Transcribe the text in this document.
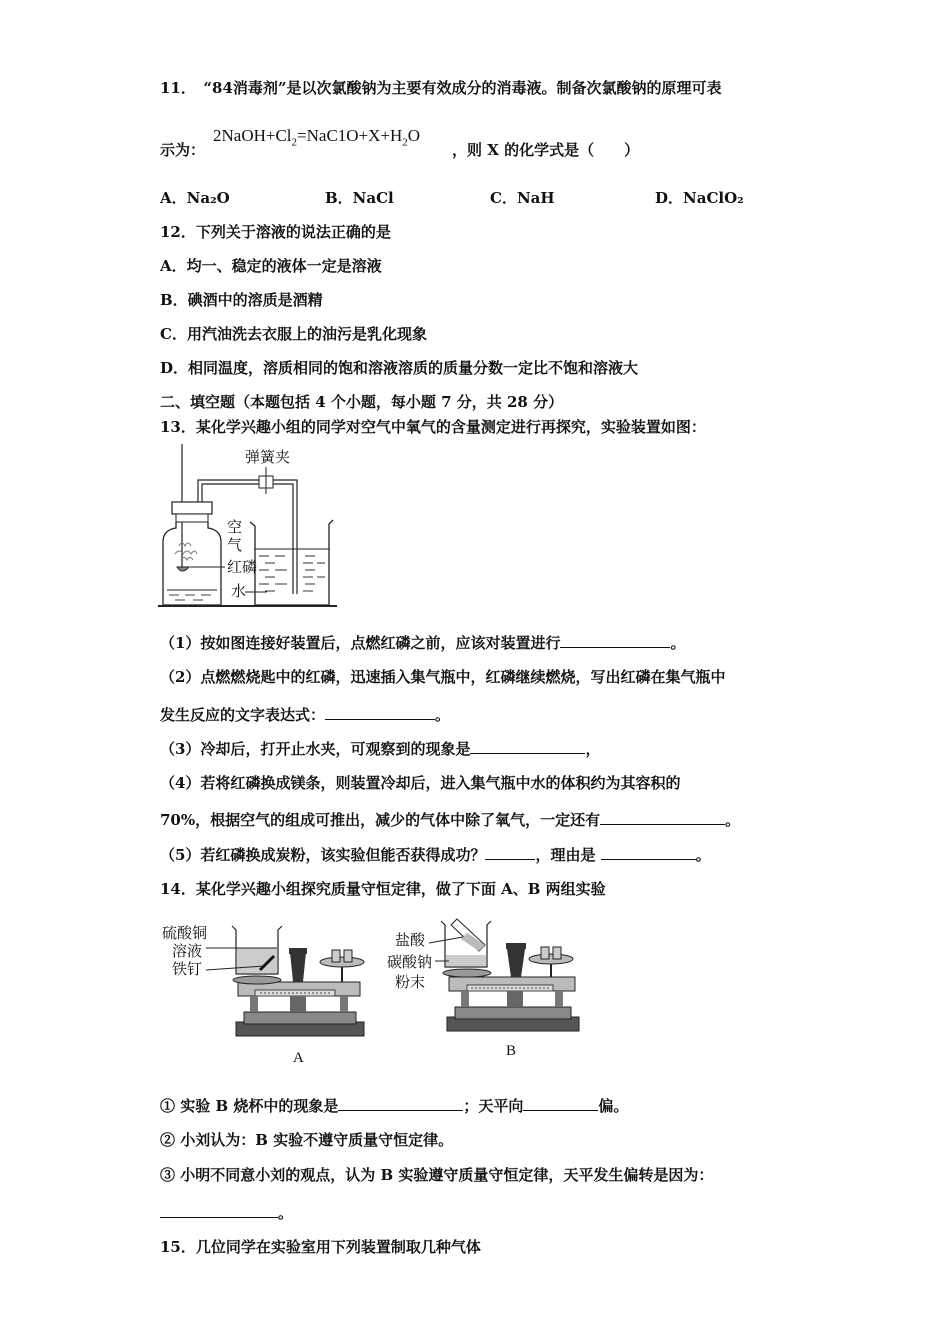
11．　“84消毒剂”是以次氯酸钠为主要有效成分的消毒液。制备次氯酸钠的原理可表
示为：
$2NaOH+Cl_2=NaC1O+X+H_2O$
，则 X 的化学式是（　　）
A．Na₂O	B．NaCl	C．NaH	D．NaClO₂
12．下列关于溶液的说法正确的是
A．均一、稳定的液体一定是溶液
B．碘酒中的溶质是酒精
C．用汽油洗去衣服上的油污是乳化现象
D．相同温度，溶质相同的饱和溶液溶质的质量分数一定比不饱和溶液大
二、填空题（本题包括 4 个小题，每小题 7 分，共 28 分）
13．某化学兴趣小组的同学对空气中氧气的含量测定进行再探究，实验装置如图：
弹簧夹
空
气
红磷
水
（1）按如图连接好装置后，点燃红磷之前，应该对装置进行	。
（2）点燃燃烧匙中的红磷，迅速插入集气瓶中，红磷继续燃烧，写出红磷在集气瓶中
发生反应的文字表达式：	。
（3）冷却后，打开止水夹，可观察到的现象是	，
（4）若将红磷换成镁条，则装置冷却后，进入集气瓶中水的体积约为其容积的
70%，根据空气的组成可推出，减少的气体中除了氧气，一定还有	。
（5）若红磷换成炭粉，该实验但能否获得成功？	，理由是	。
14．某化学兴趣小组探究质量守恒定律，做了下面 A、B 两组实验
硫酸铜
溶液
铁钉
A
盐酸
碳酸钠
粉末
B
① 实验 B 烧杯中的现象是	；天平向	偏。
② 小刘认为：B 实验不遵守质量守恒定律。
③ 小明不同意小刘的观点，认为 B 实验遵守质量守恒定律，天平发生偏转是因为：
。
15．几位同学在实验室用下列装置制取几种气体
